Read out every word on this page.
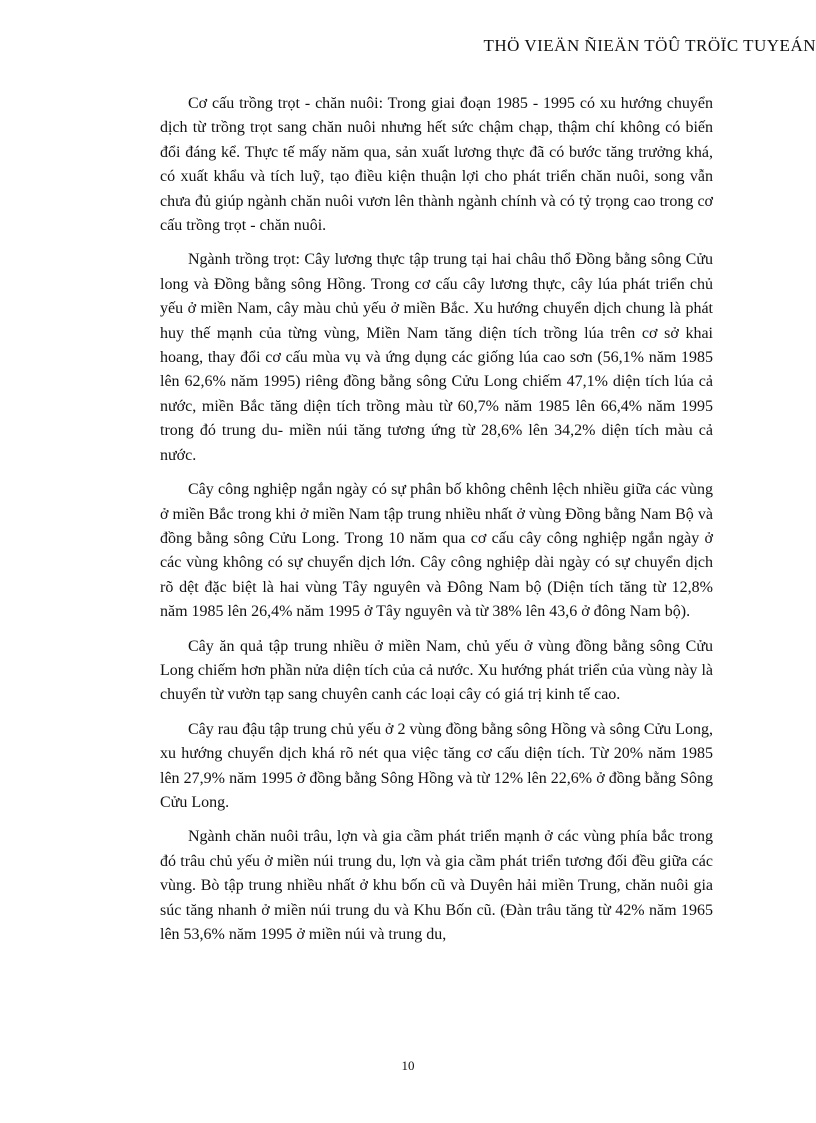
THÖ VIEÄN ÑIEÄN TÖÛ TRÖÏC TUYEÁN

Cơ cấu trồng trọt - chăn nuôi: Trong giai đoạn 1985 - 1995 có xu hướng chuyển dịch từ trồng trọt sang chăn nuôi nhưng hết sức chậm chạp, thậm chí không có biến đổi đáng kể. Thực tế mấy năm qua, sản xuất lương thực đã có bước tăng trưởng khá, có xuất khẩu và tích luỹ, tạo điều kiện thuận lợi cho phát triển chăn nuôi, song vẫn chưa đủ giúp ngành chăn nuôi vươn lên thành ngành chính và có tỷ trọng cao trong cơ cấu trồng trọt - chăn nuôi.

Ngành trồng trọt: Cây lương thực tập trung tại hai châu thổ Đồng bằng sông Cửu long và Đồng bằng sông Hồng. Trong cơ cấu cây lương thực, cây lúa phát triển chủ yếu ở miền Nam, cây màu chủ yếu ở miền Bắc. Xu hướng chuyển dịch chung là phát huy thế mạnh của từng vùng, Miền Nam tăng diện tích trồng lúa trên cơ sở khai hoang, thay đổi cơ cấu mùa vụ và ứng dụng các giống lúa cao sơn (56,1% năm 1985 lên 62,6% năm 1995) riêng đồng bằng sông Cửu Long chiếm 47,1% diện tích lúa cả nước, miền Bắc tăng diện tích trồng màu từ 60,7% năm 1985 lên 66,4% năm 1995 trong đó trung du- miền núi tăng tương ứng từ 28,6% lên 34,2% diện tích màu cả nước.

Cây công nghiệp ngắn ngày có sự phân bố không chênh lệch nhiều giữa các vùng ở miền Bắc trong khi ở miền Nam tập trung nhiều nhất ở vùng Đồng bằng Nam Bộ và đồng bằng sông Cửu Long. Trong 10 năm qua cơ cấu cây công nghiệp ngắn ngày ở các vùng không có sự chuyển dịch lớn. Cây công nghiệp dài ngày có sự chuyển dịch rõ dệt đặc biệt là hai vùng Tây nguyên và Đông Nam bộ (Diện tích tăng từ 12,8% năm 1985 lên 26,4% năm 1995 ở Tây nguyên và từ 38% lên 43,6 ở đông Nam bộ).

Cây ăn quả tập trung nhiều ở miền Nam, chủ yếu ở vùng đồng bằng sông Cửu Long chiếm hơn phần nửa diện tích của cả nước. Xu hướng phát triển của vùng này là chuyển từ vườn tạp sang chuyên canh các loại cây có giá trị kinh tế cao.

Cây rau đậu tập trung chủ yếu ở 2 vùng đồng bằng sông Hồng và sông Cửu Long, xu hướng chuyển dịch khá rõ nét qua việc tăng cơ cấu diện tích. Từ 20% năm 1985 lên 27,9% năm 1995 ở đồng bằng Sông Hồng và từ 12% lên 22,6% ở đồng bằng Sông Cửu Long.

Ngành chăn nuôi trâu, lợn và gia cầm phát triển mạnh ở các vùng phía bắc trong đó trâu chủ yếu ở miền núi trung du, lợn và gia cầm phát triển tương đối đều giữa các vùng. Bò tập trung nhiều nhất ở khu bốn cũ và Duyên hải miền Trung, chăn nuôi gia súc tăng nhanh ở miền núi trung du và Khu Bốn cũ. (Đàn trâu tăng từ 42% năm 1965 lên 53,6% năm 1995 ở miền núi và trung du,

10
